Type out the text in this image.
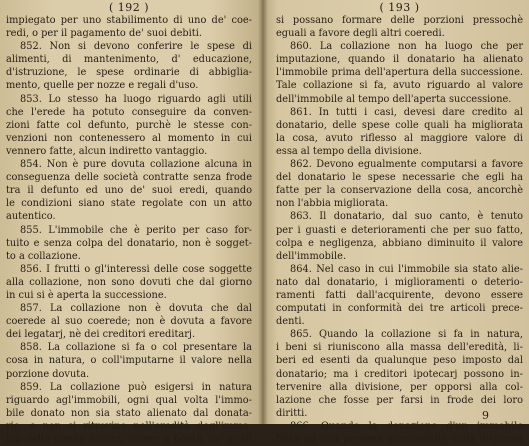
( 192 )
impiegato per uno stabilimento di uno de' coe-
redi, o per il pagamento de' suoi debiti.
852. Non si devono conferire le spese di
alimenti, di mantenimento, d' educazione,
d'istruzione, le spese ordinarie di abbiglia-
mento, quelle per nozze e regali d'uso.
853. Lo stesso ha luogo riguardo agli utili
che l'erede ha potuto conseguire da conven-
zioni fatte col defunto, purchè le stesse con-
venzioni non contenessero al momento in cui
vennero fatte, alcun indiretto vantaggio.
854. Non è pure dovuta collazione alcuna in
conseguenza delle società contratte senza frode
tra il defunto ed uno de' suoi eredi, quando
le condizioni siano state regolate con un atto
autentico.
855. L'immobile che è perito per caso for-
tuito e senza colpa del donatario, non è sogget-
to a collazione.
856. I frutti o gl'interessi delle cose soggette
alla collazione, non sono dovuti che dal giorno
in cui si è aperta la successione.
857. La collazione non è dovuta che dal
coerede al suo coerede; non è dovuta a favore
dei legatarj, nè dei creditori ereditarj.
858. La collazione si fa o col presentare la
cosa in natura, o coll'imputarne il valore nella
porzione dovuta.
859. La collazione può esigersi in natura
riguardo agl'immobili, ogni qual volta l'immo-
bile donato non sia stato alienato dal donata-
rio, e non si ritrovino nell'eredità degl'immo-
bili della stessa natura, valore e bontà, co' quali
( 193 )
si possano formare delle porzioni pressochè
eguali a favore degli altri coeredi.
860. La collazione non ha luogo che per
imputazione, quando il donatario ha alienato
l'immobile prima dell'apertura della successione.
Tale collazione si fa, avuto riguardo al valore
dell'immobile al tempo dell'aperta successione.
861. In tutti i casi, devesi dare credito al
donatario, delle spese colle quali ha migliorata
la cosa, avuto riflesso al maggiore valore di
essa al tempo della divisione.
862. Devono egualmente computarsi a favore
del donatario le spese necessarie che egli ha
fatte per la conservazione della cosa, ancorchè
non l'abbia migliorata.
863. Il donatario, dal suo canto, è tenuto
per i guasti e deterioramenti che per suo fatto,
colpa e negligenza, abbiano diminuito il valore
dell'immobile.
864. Nel caso in cui l'immobile sia stato alie-
nato dal donatario, i miglioramenti o deterio-
ramenti fatti dall'acquirente, devono essere
computati in conformità dei tre articoli prece-
denti.
865. Quando la collazione si fa in natura,
i beni si riuniscono alla massa dell'eredità, li-
beri ed esenti da qualunque peso imposto dal
donatario; ma i creditori ipotecarj possono in-
tervenire alla divisione, per opporsi alla col-
lazione che fosse per farsi in frode dei loro
diritti.
866. Quando la donazione d'un immobile
fatta ad una persona successibile colla dispensa
9
